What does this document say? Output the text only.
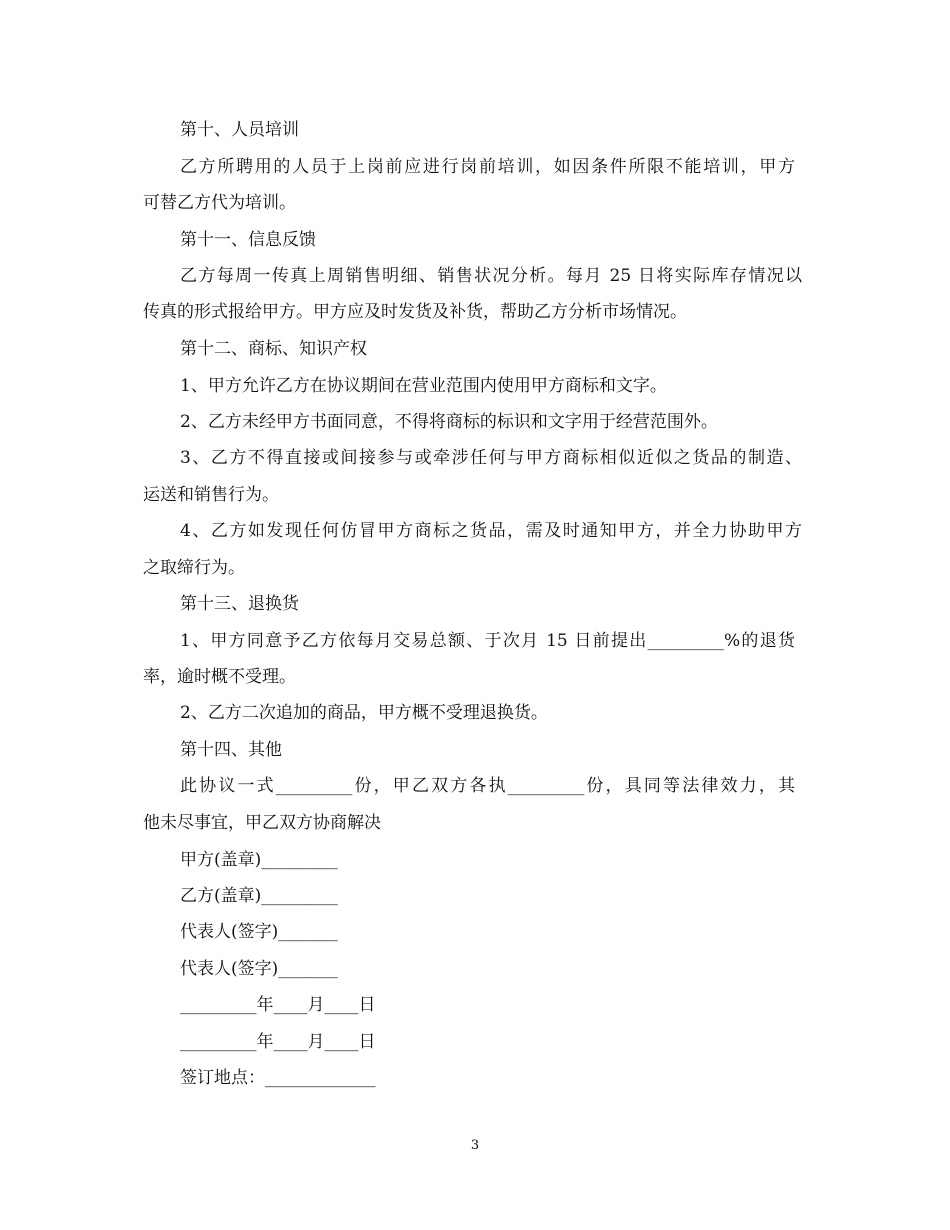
第十、人员培训
乙方所聘用的人员于上岗前应进行岗前培训，如因条件所限不能培训，甲方
可替乙方代为培训。
第十一、信息反馈
乙方每周一传真上周销售明细、销售状况分析。每月 25 日将实际库存情况以
传真的形式报给甲方。甲方应及时发货及补货，帮助乙方分析市场情况。
第十二、商标、知识产权
1、甲方允许乙方在协议期间在营业范围内使用甲方商标和文字。
2、乙方未经甲方书面同意，不得将商标的标识和文字用于经营范围外。
3、乙方不得直接或间接参与或牵涉任何与甲方商标相似近似之货品的制造、
运送和销售行为。
4、乙方如发现任何仿冒甲方商标之货品，需及时通知甲方，并全力协助甲方
之取缔行为。
第十三、退换货
1、甲方同意予乙方依每月交易总额、于次月 15 日前提出_________%的退货
率，逾时概不受理。
2、乙方二次追加的商品，甲方概不受理退换货。
第十四、其他
此协议一式_________份，甲乙双方各执_________份，具同等法律效力，其
他未尽事宜，甲乙双方协商解决
甲方(盖章)_________
乙方(盖章)_________
代表人(签字)_______
代表人(签字)_______
_________年____月____日
_________年____月____日
签订地点：_____________
3
